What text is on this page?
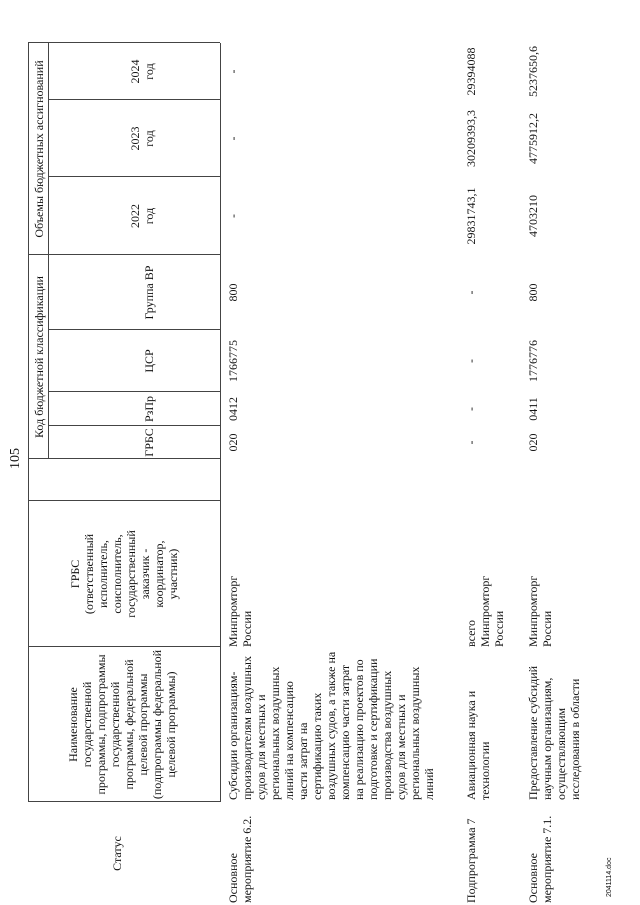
105
Статус
Наименование
государственной
программы, подпрограммы
государственной
программы, федеральной
целевой программы
(подпрограммы федеральной
целевой программы)
ГРБС
(ответственный
исполнитель,
соисполнитель,
государственный
заказчик -
координатор,
участник)
Код бюджетной классификации
ГРБС
РзПр
ЦСР
Группа ВР
Объемы бюджетных ассигнований	2022
год
2023
год
2024
год
Основное
мероприятие 6.2.
Субсидии организациям-
производителям воздушных
судов для местных и
региональных воздушных
линий на компенсацию
части затрат на
сертификацию таких
воздушных судов, а также на
компенсацию части затрат
на реализацию проектов по
подготовке и сертификации
производства воздушных
судов для местных и
региональных воздушных
линий
Минпромторг
России
020
0412
1766775
800
-
-
-
Подпрограмма 7
Авиационная наука и
технологии
всего
Минпромторг
России
-
-
-
-
29831743,1
30209393,3
29394088
Основное
мероприятие 7.1.
Предоставление субсидий
научным организациям,
осуществляющим
исследования в области
Минпромторг
России
020
0411
1776776
800
4703210
4775912,2
5237650,6
2041114.doc
